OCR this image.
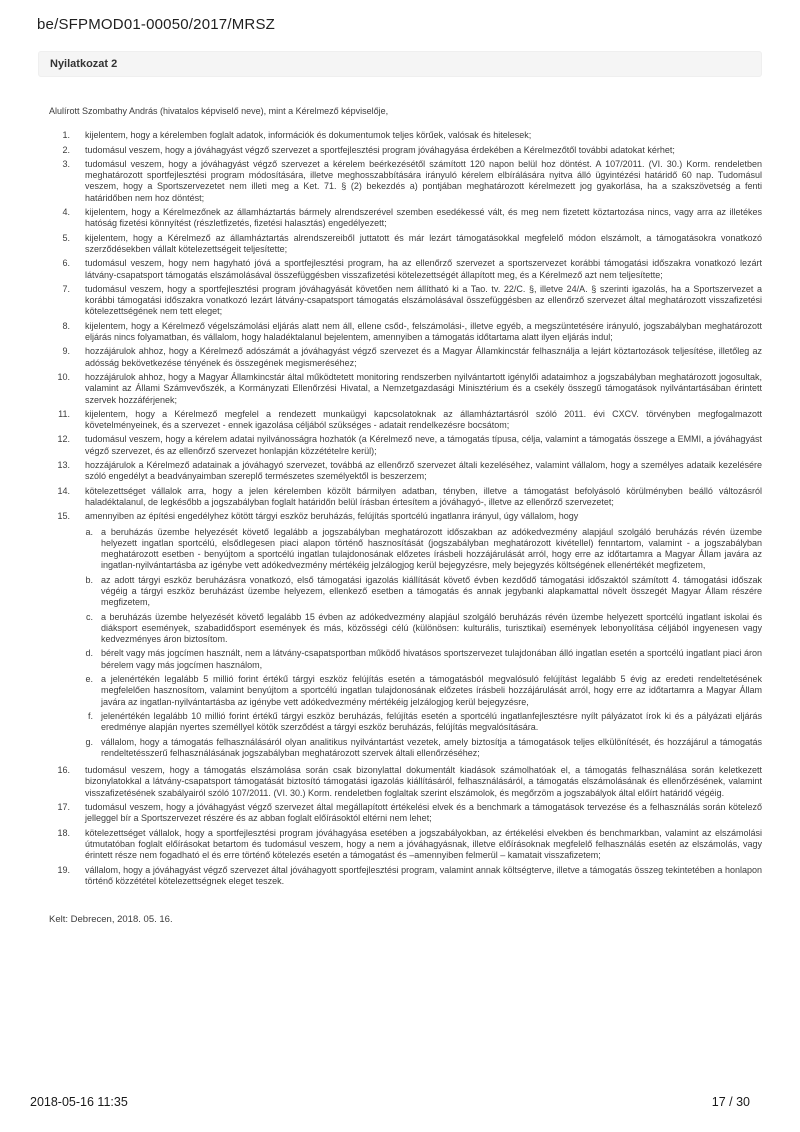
be/SFPMOD01-00050/2017/MRSZ
Nyilatkozat 2

Alulírott Szombathy András (hivatalos képviselő neve), mint a Kérelmező képviselője,

1. kijelentem, hogy a kérelemben foglalt adatok, információk és dokumentumok teljes körűek, valósak és hitelesek;
2. tudomásul veszem, hogy a jóváhagyást végző szervezet a sportfejlesztési program jóváhagyása érdekében a Kérelmezőtől további adatokat kérhet;
3. tudomásul veszem, hogy a jóváhagyást végző szervezet a kérelem beérkezésétől számított 120 napon belül hoz döntést. A 107/2011. (VI. 30.) Korm. rendeletben meghatározott sportfejlesztési program módosítására, illetve meghosszabbítására irányuló kérelem elbírálására nyitva álló ügyintézési határidő 60 nap. Tudomásul veszem, hogy a Sportszervezetet nem illeti meg a Ket. 71. § (2) bekezdés a) pontjában meghatározott kérelmezett jog gyakorlása, ha a szakszövetség a fenti határidőben nem hoz döntést;
4. kijelentem, hogy a Kérelmezőnek az államháztartás bármely alrendszerével szemben esedékessé vált, és meg nem fizetett köztartozása nincs, vagy arra az illetékes hatóság fizetési könnyítést (részletfizetés, fizetési halasztás) engedélyezett;
5. kijelentem, hogy a Kérelmező az államháztartás alrendszereiből juttatott és már lezárt támogatásokkal megfelelő módon elszámolt, a támogatásokra vonatkozó szerződésekben vállalt kötelezettségeit teljesítette;
6. tudomásul veszem, hogy nem hagyható jóvá a sportfejlesztési program, ha az ellenőrző szervezet a sportszervezet korábbi támogatási időszakra vonatkozó lezárt látvány-csapatsport támogatás elszámolásával összefüggésben visszafizetési kötelezettségét állapított meg, és a Kérelmező azt nem teljesítette;
7. tudomásul veszem, hogy a sportfejlesztési program jóváhagyását követően nem állítható ki a Tao. tv. 22/C. §, illetve 24/A. § szerinti igazolás, ha a Sportszervezet a korábbi támogatási időszakra vonatkozó lezárt látvány-csapatsport támogatás elszámolásával összefüggésben az ellenőrző szervezet által meghatározott visszafizetési kötelezettségének nem tett eleget;
8. kijelentem, hogy a Kérelmező végelszámolási eljárás alatt nem áll, ellene csőd-, felszámolási-, illetve egyéb, a megszüntetésére irányuló, jogszabályban meghatározott eljárás nincs folyamatban, és vállalom, hogy haladéktalanul bejelentem, amennyiben a támogatás időtartama alatt ilyen eljárás indul;
9. hozzájárulok ahhoz, hogy a Kérelmező adószámát a jóváhagyást végző szervezet és a Magyar Államkincstár felhasználja a lejárt köztartozások teljesítése, illetőleg az adósság bekövetkezése tényének és összegének megismeréséhez;
10. hozzájárulok ahhoz, hogy a Magyar Államkincstár által működtetett monitoring rendszerben nyilvántartott igénylői adataimhoz a jogszabályban meghatározott jogosultak, valamint az Állami Számvevőszék, a Kormányzati Ellenőrzési Hivatal, a Nemzetgazdasági Minisztérium és a csekély összegű támogatások nyilvántartásában érintett szervek hozzáférjenek;
11. kijelentem, hogy a Kérelmező megfelel a rendezett munkaügyi kapcsolatoknak az államháztartásról szóló 2011. évi CXCV. törvényben megfogalmazott követelményeinek, és a szervezet - ennek igazolása céljából szükséges - adatait rendelkezésre bocsátom;
12. tudomásul veszem, hogy a kérelem adatai nyilvánosságra hozhatók (a Kérelmező neve, a támogatás típusa, célja, valamint a támogatás összege a EMMI, a jóváhagyást végző szervezet, és az ellenőrző szervezet honlapján közzétételre kerül);
13. hozzájárulok a Kérelmező adatainak a jóváhagyó szervezet, továbbá az ellenőrző szervezet általi kezeléséhez, valamint vállalom, hogy a személyes adataik kezelésére szóló engedélyt a beadványaimban szereplő természetes személyektől is beszerzem;
14. kötelezettséget vállalok arra, hogy a jelen kérelemben közölt bármilyen adatban, tényben, illetve a támogatást befolyásoló körülményben beálló változásról haladéktalanul, de legkésőbb a jogszabályban foglalt határidőn belül írásban értesítem a jóváhagyó-, illetve az ellenőrző szervezetet;
15. amennyiben az építési engedélyhez kötött tárgyi eszköz beruházás, felújítás sportcélú ingatlanra irányul, úgy vállalom, hogy
a. a beruházás üzembe helyezését követő legalább a jogszabályban meghatározott időszakban az adókedvezmény alapjául szolgáló beruházás révén üzembe helyezett ingatlan sportcélú, elsődlegesen piaci alapon történő hasznosítását (jogszabályban meghatározott kivétellel) fenntartom, valamint - a jogszabályban meghatározott esetben - benyújtom a sportcélú ingatlan tulajdonosának előzetes írásbeli hozzájárulását arról, hogy erre az időtartamra a Magyar Állam javára az ingatlan-nyilvántartásba az igénybe vett adókedvezmény mértékéig jelzálogjog kerül bejegyzésre, mely bejegyzés költségének ellenértékét megfizetem,
b. az adott tárgyi eszköz beruházásra vonatkozó, első támogatási igazolás kiállítását követő évben kezdődő támogatási időszaktól számított 4. támogatási időszak végéig a tárgyi eszköz beruházást üzembe helyezem, ellenkező esetben a támogatás és annak jegybanki alapkamattal növelt összegét Magyar Állam részére megfizetem,
c. a beruházás üzembe helyezését követő legalább 15 évben az adókedvezmény alapjául szolgáló beruházás révén üzembe helyezett sportcélú ingatlant iskolai és diáksport események, szabadidősport események és más, közösségi célú (különösen: kulturális, turisztikai) események lebonyolítása céljából ingyenesen vagy kedvezményes áron biztosítom.
d. bérelt vagy más jogcímen használt, nem a látvány-csapatsportban működő hivatásos sportszervezet tulajdonában álló ingatlan esetén a sportcélú ingatlant piaci áron bérelem vagy más jogcímen használom,
e. a jelenértékén legalább 5 millió forint értékű tárgyi eszköz felújítás esetén a támogatásból megvalósuló felújítást legalább 5 évig az eredeti rendeltetésének megfelelően hasznosítom, valamint benyújtom a sportcélú ingatlan tulajdonosának előzetes írásbeli hozzájárulását arról, hogy erre az időtartamra a Magyar Állam javára az ingatlan-nyilvántartásba az igénybe vett adókedvezmény mértékéig jelzálogjog kerül bejegyzésre,
f. jelenértékén legalább 10 millió forint értékű tárgyi eszköz beruházás, felújítás esetén a sportcélú ingatlanfejlesztésre nyílt pályázatot írok ki és a pályázati eljárás eredménye alapján nyertes személlyel kötök szerződést a tárgyi eszköz beruházás, felújítás megvalósítására.
g. vállalom, hogy a támogatás felhasználásáról olyan analitikus nyilvántartást vezetek, amely biztosítja a támogatások teljes elkülönítését, és hozzájárul a támogatás rendeltetésszerű felhasználásának jogszabályban meghatározott szervek általi ellenőrzéséhez;
16. tudomásul veszem, hogy a támogatás elszámolása során csak bizonylattal dokumentált kiadások számolhatóak el, a támogatás felhasználása során keletkezett bizonylatokkal a látvány-csapatsport támogatását biztosító támogatási igazolás kiállításáról, felhasználásáról, a támogatás elszámolásának és ellenőrzésének, valamint visszafizetésének szabályairól szóló 107/2011. (VI. 30.) Korm. rendeletben foglaltak szerint elszámolok, és megőrzöm a jogszabályok által előírt határidő végéig.
17. tudomásul veszem, hogy a jóváhagyást végző szervezet által megállapított értékelési elvek és a benchmark a támogatások tervezése és a felhasználás során kötelező jelleggel bír a Sportszervezet részére és az abban foglalt előírásoktól eltérni nem lehet;
18. kötelezettséget vállalok, hogy a sportfejlesztési program jóváhagyása esetében a jogszabályokban, az értékelési elvekben és benchmarkban, valamint az elszámolási útmutatóban foglalt előírásokat betartom és tudomásul veszem, hogy a nem a jóváhagyásnak, illetve előírásoknak megfelelő felhasználás esetén az elszámolás, vagy érintett része nem fogadható el és erre történő kötelezés esetén a támogatást és –amennyiben felmerül – kamatait visszafizetem;
19. vállalom, hogy a jóváhagyást végző szervezet által jóváhagyott sportfejlesztési program, valamint annak költségterve, illetve a támogatás összeg tekintetében a honlapon történő közzététel kötelezettségnek eleget teszek.

Kelt: Debrecen, 2018. 05. 16.

2018-05-16 11:35	17 / 30
